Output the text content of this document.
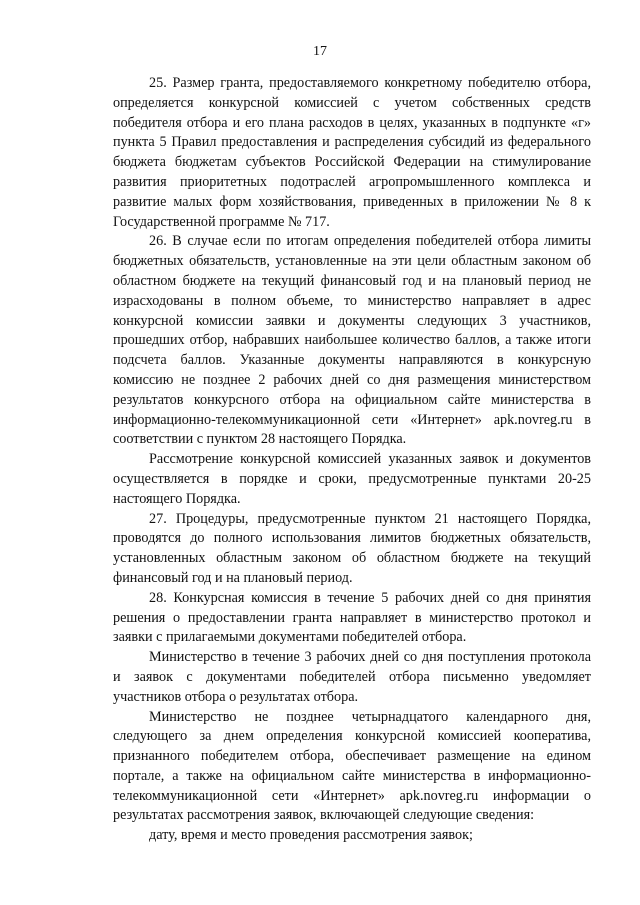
17

25. Размер гранта, предоставляемого конкретному победителю отбора, определяется конкурсной комиссией с учетом собственных средств победителя отбора и его плана расходов в целях, указанных в подпункте «г» пункта 5 Правил предоставления и распределения субсидий из федерального бюджета бюджетам субъектов Российской Федерации на стимулирование развития приоритетных подотраслей агропромышленного комплекса и развитие малых форм хозяйствования, приведенных в приложении № 8 к Государственной программе № 717.

26. В случае если по итогам определения победителей отбора лимиты бюджетных обязательств, установленные на эти цели областным законом об областном бюджете на текущий финансовый год и на плановый период не израсходованы в полном объеме, то министерство направляет в адрес конкурсной комиссии заявки и документы следующих 3 участников, прошедших отбор, набравших наибольшее количество баллов, а также итоги подсчета баллов. Указанные документы направляются в конкурсную комиссию не позднее 2 рабочих дней со дня размещения министерством результатов конкурсного отбора на официальном сайте министерства в информационно-телекоммуникационной сети «Интернет» apk.novreg.ru в соответствии с пунктом 28 настоящего Порядка.

Рассмотрение конкурсной комиссией указанных заявок и документов осуществляется в порядке и сроки, предусмотренные пунктами 20-25 настоящего Порядка.

27. Процедуры, предусмотренные пунктом 21 настоящего Порядка, проводятся до полного использования лимитов бюджетных обязательств, установленных областным законом об областном бюджете на текущий финансовый год и на плановый период.

28. Конкурсная комиссия в течение 5 рабочих дней со дня принятия решения о предоставлении гранта направляет в министерство протокол и заявки с прилагаемыми документами победителей отбора.

Министерство в течение 3 рабочих дней со дня поступления протокола и заявок с документами победителей отбора письменно уведомляет участников отбора о результатах отбора.

Министерство не позднее четырнадцатого календарного дня, следующего за днем определения конкурсной комиссией кооператива, признанного победителем отбора, обеспечивает размещение на едином портале, а также на официальном сайте министерства в информационно-телекоммуникационной сети «Интернет» apk.novreg.ru информации о результатах рассмотрения заявок, включающей следующие сведения:

дату, время и место проведения рассмотрения заявок;
